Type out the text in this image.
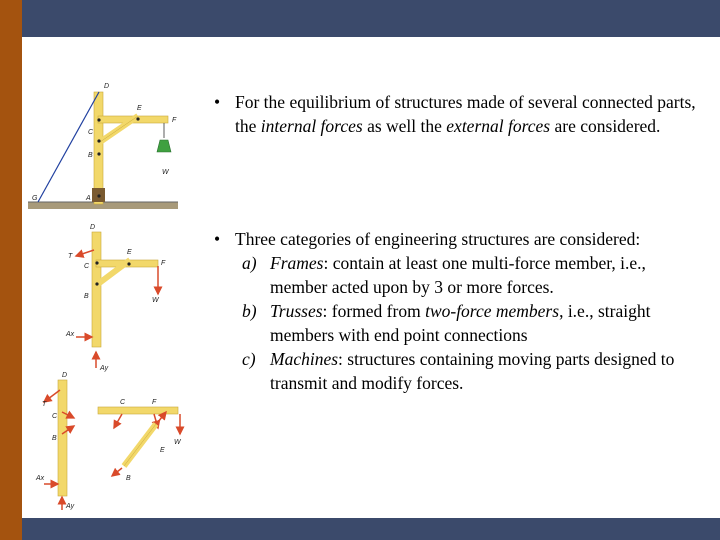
D
E
F
C
B
W
G	A
D
E
F
T
C
B
W
Ax
Ay
D
T
C
B
Ax
Ay
C	F
W
E
B
• For the equilibrium of structures made of several connected parts, the internal forces as well the external forces are considered.
• Three categories of engineering structures are considered:
a) Frames: contain at least one multi-force member, i.e., member acted upon by 3 or more forces.
b) Trusses: formed from two-force members, i.e., straight members with end point connections
c) Machines: structures containing moving parts designed to transmit and modify forces.
